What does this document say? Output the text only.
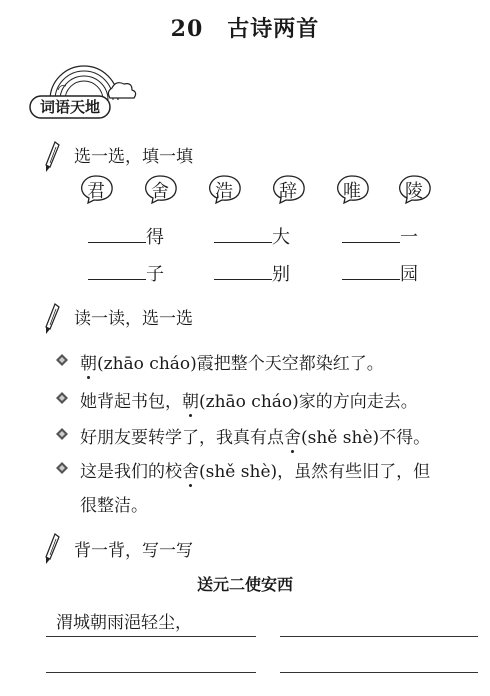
20 古诗两首
词语天地
选一选，填一填
君	舍	浩	辞	唯	陵
得	大	一
子	别	园
读一读，选一选
朝(zhāo cháo)霞把整个天空都染红了。
她背起书包，朝(zhāo cháo)家的方向走去。
好朋友要转学了，我真有点舍(shě shè)不得。
这是我们的校舍(shě shè)，虽然有些旧了，但
很整洁。
背一背，写一写
送元二使安西
渭城朝雨浥轻尘，
